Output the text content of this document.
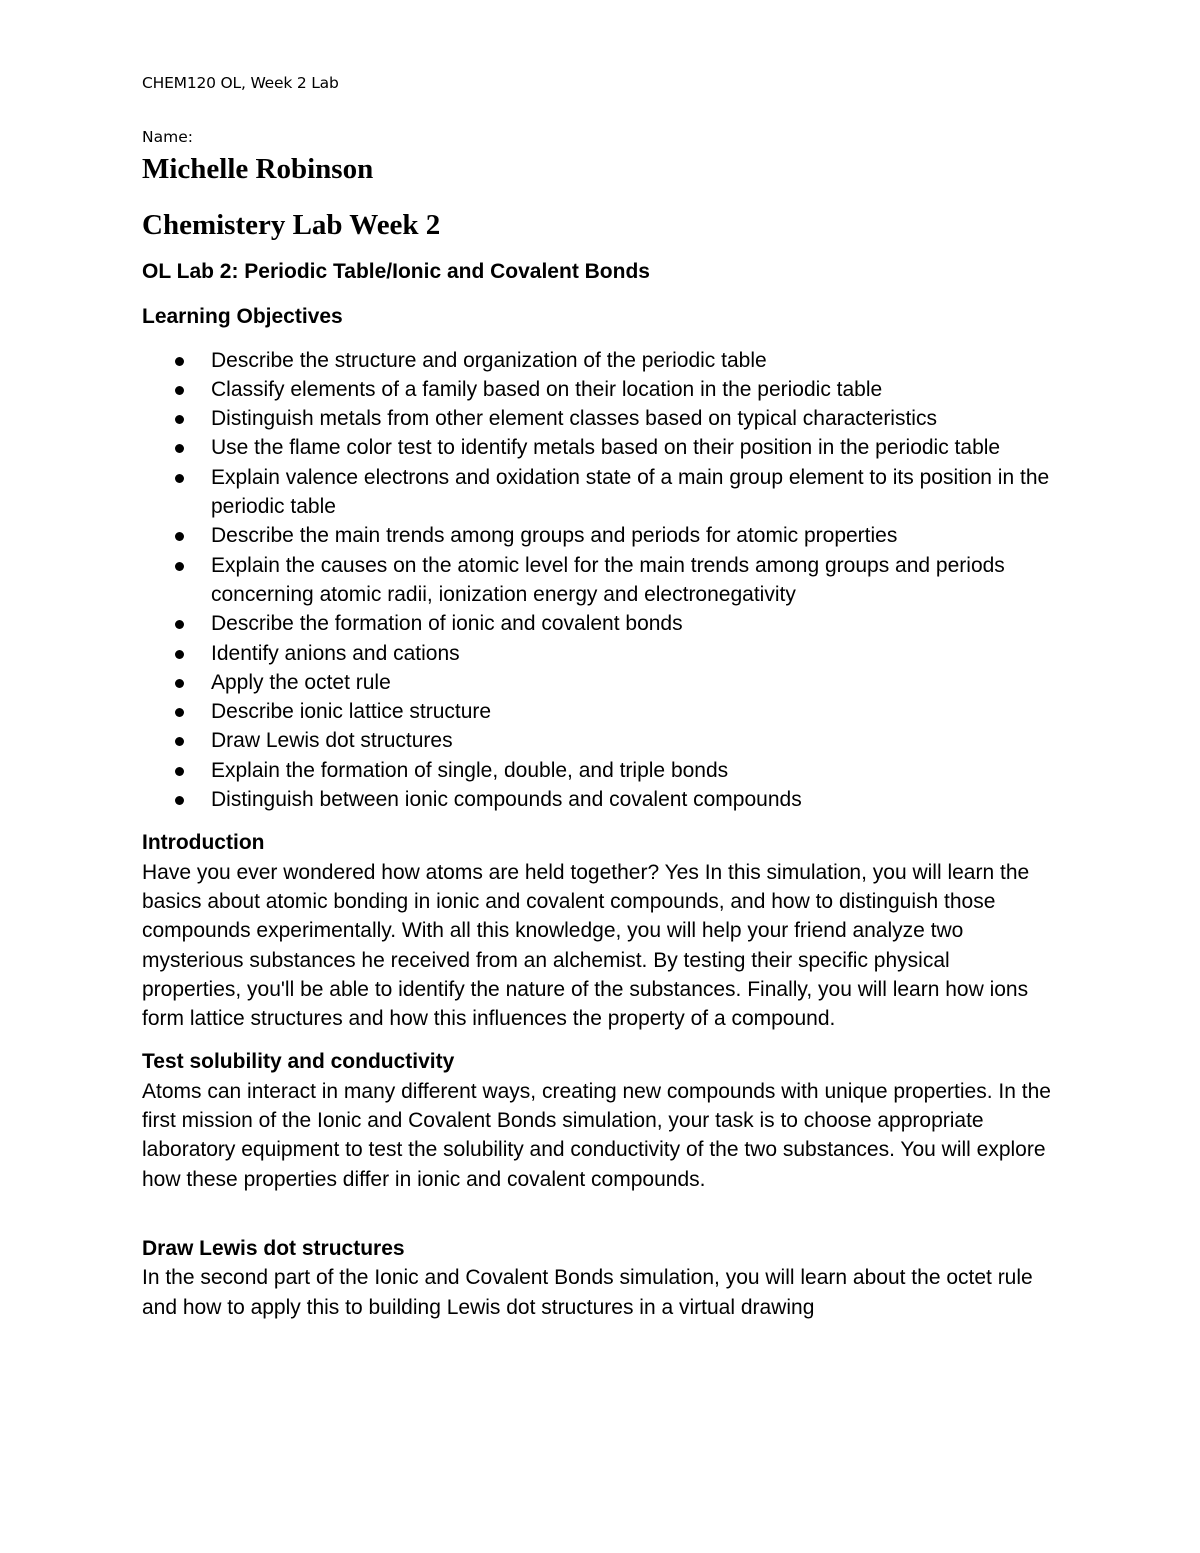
CHEM120 OL, Week 2 Lab
Name:
Michelle Robinson
Chemistery Lab Week 2
OL Lab 2: Periodic Table/Ionic and Covalent Bonds
Learning Objectives
Describe the structure and organization of the periodic table
Classify elements of a family based on their location in the periodic table
Distinguish metals from other element classes based on typical characteristics
Use the flame color test to identify metals based on their position in the periodic table
Explain valence electrons and oxidation state of a main group element to its position in the periodic table
Describe the main trends among groups and periods for atomic properties
Explain the causes on the atomic level for the main trends among groups and periods concerning atomic radii, ionization energy and electronegativity
Describe the formation of ionic and covalent bonds
Identify anions and cations
Apply the octet rule
Describe ionic lattice structure
Draw Lewis dot structures
Explain the formation of single, double, and triple bonds
Distinguish between ionic compounds and covalent compounds
Introduction

Have you ever wondered how atoms are held together? Yes In this simulation, you will learn the basics about atomic bonding in ionic and covalent compounds, and how to distinguish those compounds experimentally. With all this knowledge, you will help your friend analyze two mysterious substances he received from an alchemist. By testing their specific physical properties, you'll be able to identify the nature of the substances. Finally, you will learn how ions form lattice structures and how this influences the property of a compound.

Test solubility and conductivity

Atoms can interact in many different ways, creating new compounds with unique properties. In the first mission of the Ionic and Covalent Bonds simulation, your task is to choose appropriate laboratory equipment to test the solubility and conductivity of the two substances. You will explore how these properties differ in ionic and covalent compounds.

Draw Lewis dot structures

In the second part of the Ionic and Covalent Bonds simulation, you will learn about the octet rule and how to apply this to building Lewis dot structures in a virtual drawing
